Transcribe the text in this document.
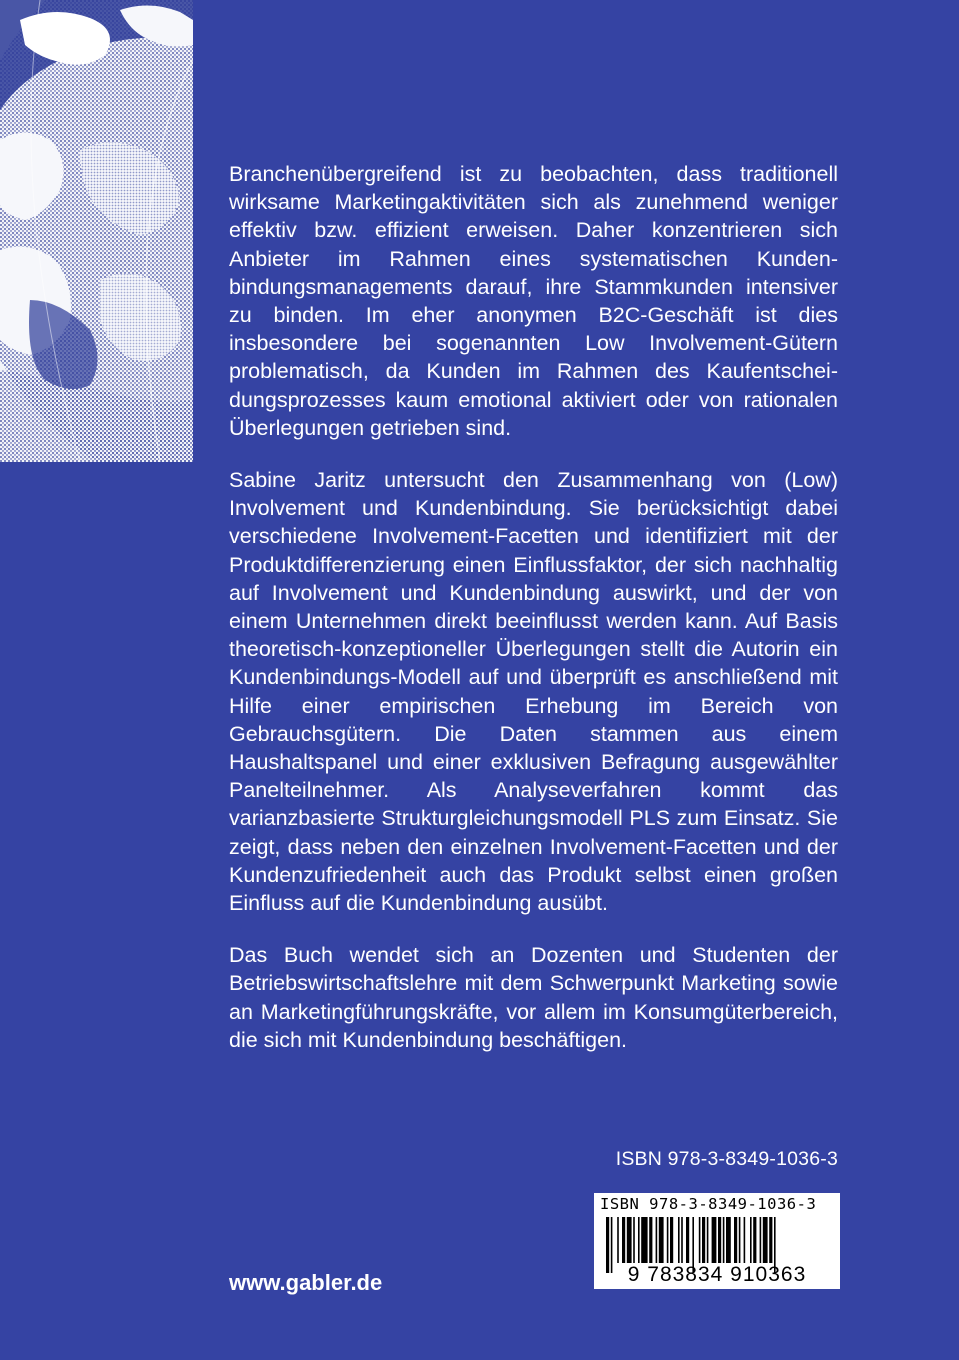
Branchenübergreifend ist zu beobachten, dass traditionell wirksame Marketingaktivitäten sich als zunehmend weniger effektiv bzw. effizient erweisen. Daher konzentrieren sich Anbieter im Rahmen eines systematischen Kundenbindungsmanagements darauf, ihre Stammkunden intensiver zu binden. Im eher anonymen B2C-Geschäft ist dies insbesondere bei sogenannten Low Involvement-Gütern problematisch, da Kunden im Rahmen des Kaufentscheidungsprozesses kaum emotional aktiviert oder von rationalen Überlegungen getrieben sind.

Sabine Jaritz untersucht den Zusammenhang von (Low) Involvement und Kundenbindung. Sie berücksichtigt dabei verschiedene Involvement-Facetten und identifiziert mit der Produktdifferenzierung einen Einflussfaktor, der sich nachhaltig auf Involvement und Kundenbindung auswirkt, und der von einem Unternehmen direkt beeinflusst werden kann. Auf Basis theoretisch-konzeptioneller Überlegungen stellt die Autorin ein Kundenbindungs-Modell auf und überprüft es anschließend mit Hilfe einer empirischen Erhebung im Bereich von Gebrauchsgütern. Die Daten stammen aus einem Haushaltspanel und einer exklusiven Befragung ausgewählter Panelteilnehmer. Als Analyseverfahren kommt das varianzbasierte Strukturgleichungsmodell PLS zum Einsatz. Sie zeigt, dass neben den einzelnen Involvement-Facetten und der Kundenzufriedenheit auch das Produkt selbst einen großen Einfluss auf die Kundenbindung ausübt.

Das Buch wendet sich an Dozenten und Studenten der Betriebswirtschaftslehre mit dem Schwerpunkt Marketing sowie an Marketingführungskräfte, vor allem im Konsumgüterbereich, die sich mit Kundenbindung beschäftigen.

ISBN 978-3-8349-1036-3
ISBN 978-3-8349-1036-3
9 783834 910363
www.gabler.de
